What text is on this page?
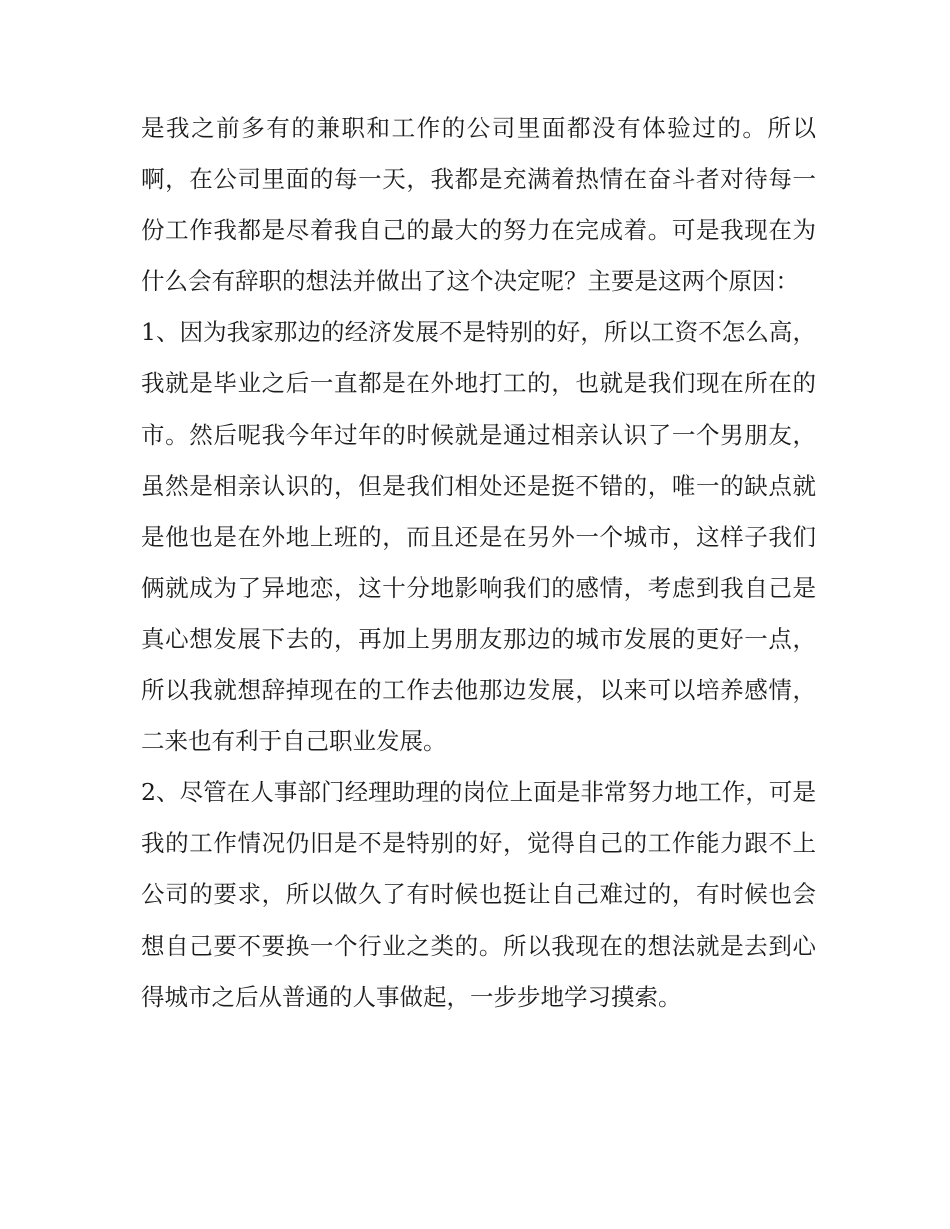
是我之前多有的兼职和工作的公司里面都没有体验过的。所以啊，在公司里面的每一天，我都是充满着热情在奋斗者对待每一份工作我都是尽着我自己的最大的努力在完成着。可是我现在为什么会有辞职的想法并做出了这个决定呢？主要是这两个原因：

1、因为我家那边的经济发展不是特别的好，所以工资不怎么高，我就是毕业之后一直都是在外地打工的，也就是我们现在所在的市。然后呢我今年过年的时候就是通过相亲认识了一个男朋友，虽然是相亲认识的，但是我们相处还是挺不错的，唯一的缺点就是他也是在外地上班的，而且还是在另外一个城市，这样子我们俩就成为了异地恋，这十分地影响我们的感情，考虑到我自己是真心想发展下去的，再加上男朋友那边的城市发展的更好一点，所以我就想辞掉现在的工作去他那边发展，以来可以培养感情，二来也有利于自己职业发展。

2、尽管在人事部门经理助理的岗位上面是非常努力地工作，可是我的工作情况仍旧是不是特别的好，觉得自己的工作能力跟不上公司的要求，所以做久了有时候也挺让自己难过的，有时候也会想自己要不要换一个行业之类的。所以我现在的想法就是去到心得城市之后从普通的人事做起，一步步地学习摸索。
